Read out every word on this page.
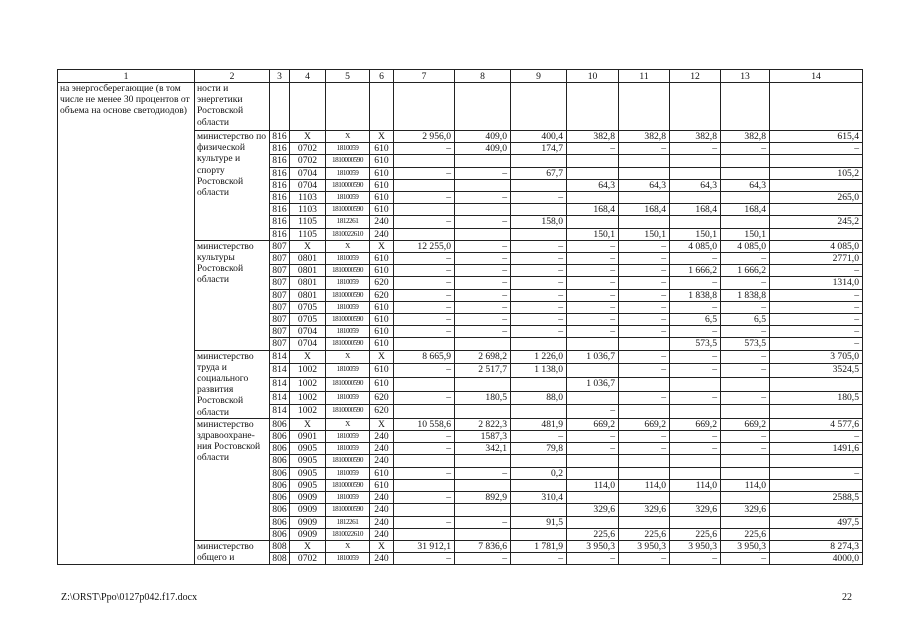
1	2	3	4	5	6	7	8	9	10	11	12	13	14
на энергосберегающие (в том числе не менее 30 процентов от объема на основе светодиодов)	ности и энергетики Ростовской области												
	министерство по физической культуре и спорту Ростовской области	816	Х	Х	Х	2 956,0	409,0	400,4	382,8	382,8	382,8	382,8	615,4
		816	0702	1810059	610	–	409,0	174,7	–	–	–	–	–
		816	0702	1810000590	610								
		816	0704	1810059	610	–	–	67,7					105,2
		816	0704	1810000590	610				64,3	64,3	64,3	64,3	
		816	1103	1810059	610	–	–	–					265,0
		816	1103	1810000590	610				168,4	168,4	168,4	168,4	
		816	1105	1812261	240	–	–	158,0					245,2
		816	1105	1810022610	240				150,1	150,1	150,1	150,1	
	министерство культуры Ростовской области	807	Х	Х	Х	12 255,0	–	–	–	–	4 085,0	4 085,0	4 085,0
		807	0801	1810059	610	–	–	–	–	–	–	–	2771,0
		807	0801	1810000590	610	–	–	–	–	–	1 666,2	1 666,2	–
		807	0801	1810059	620	–	–	–	–	–	–	–	1314,0
		807	0801	1810000590	620	–	–	–	–	–	1 838,8	1 838,8	–
		807	0705	1810059	610	–	–	–	–	–	–	–	–
		807	0705	1810000590	610	–	–	–	–	–	6,5	6,5	–
		807	0704	1810059	610	–	–	–	–	–	–	–	–
		807	0704	1810000590	610						573,5	573,5	–
	министерство труда и социального развития Ростовской области	814	Х	Х	Х	8 665,9	2 698,2	1 226,0	1 036,7	–	–	–	3 705,0
		814	1002	1810059	610	–	2 517,7	1 138,0		–	–	–	3524,5
		814	1002	1810000590	610				1 036,7				
		814	1002	1810059	620	–	180,5	88,0		–	–	–	180,5
		814	1002	1810000590	620				–				
	министерство здравоохране-ния Ростовской области	806	Х	Х	Х	10 558,6	2 822,3	481,9	669,2	669,2	669,2	669,2	4 577,6
		806	0901	1810059	240	–	1587,3	–	–	–	–	–	–
		806	0905	1810059	240	–	342,1	79,8	–	–	–	–	1491,6
		806	0905	1810000590	240								
		806	0905	1810059	610	–	–	0,2					–
		806	0905	1810000590	610				114,0	114,0	114,0	114,0	
		806	0909	1810059	240	–	892,9	310,4					2588,5
		806	0909	1810000590	240				329,6	329,6	329,6	329,6	
		806	0909	1812261	240	–	–	91,5					497,5
		806	0909	1810022610	240				225,6	225,6	225,6	225,6	
	министерство общего и	808	Х	Х	Х	31 912,1	7 836,6	1 781,9	3 950,3	3 950,3	3 950,3	3 950,3	8 274,3
		808	0702	1810059	240	–	–	–	–	–	–	–	4000,0
Z:\ORST\Ppo\0127p042.f17.docx	22
